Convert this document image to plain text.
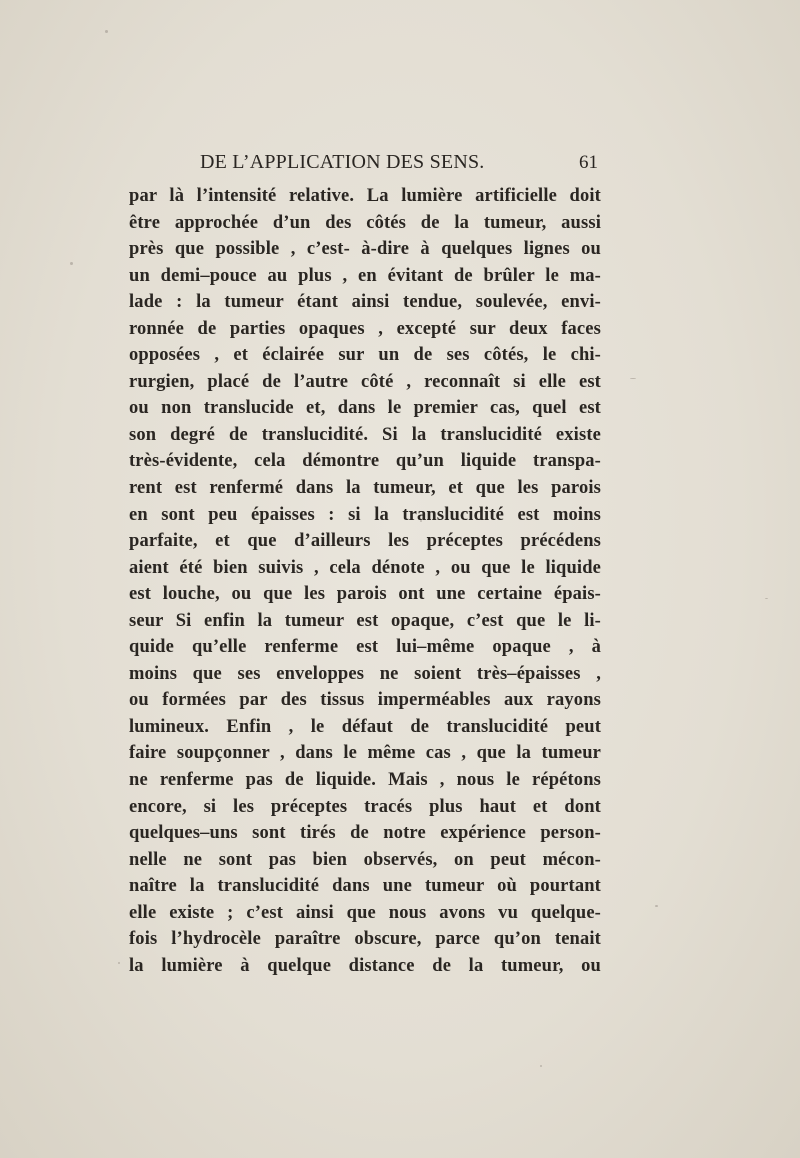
DE L’APPLICATION DES SENS.	61
par là l’intensité relative. La lumière artificielle doit
être approchée d’un des côtés de la tumeur, aussi
près que possible , c’est- à-dire à quelques lignes ou
un demi–pouce au plus , en évitant de brûler le ma-
lade : la tumeur étant ainsi tendue, soulevée, envi-
ronnée de parties opaques , excepté sur deux faces
opposées , et éclairée sur un de ses côtés, le chi-
rurgien, placé de l’autre côté , reconnaît si elle est
ou non translucide et, dans le premier cas, quel est
son degré de translucidité. Si la translucidité existe
très-évidente, cela démontre qu’un liquide transpa-
rent est renfermé dans la tumeur, et que les parois
en sont peu épaisses : si la translucidité est moins
parfaite, et que d’ailleurs les préceptes précédens
aient été bien suivis , cela dénote , ou que le liquide
est louche, ou que les parois ont une certaine épais-
seur Si enfin la tumeur est opaque, c’est que le li-
quide qu’elle renferme est lui–même opaque , à
moins que ses enveloppes ne soient très–épaisses ,
ou formées par des tissus imperméables aux rayons
lumineux. Enfin , le défaut de translucidité peut
faire soupçonner , dans le même cas , que la tumeur
ne renferme pas de liquide. Mais , nous le répétons
encore, si les préceptes tracés plus haut et dont
quelques–uns sont tirés de notre expérience person-
nelle ne sont pas bien observés, on peut mécon-
naître la translucidité dans une tumeur où pourtant
elle existe ; c’est ainsi que nous avons vu quelque-
fois l’hydrocèle paraître obscure, parce qu’on tenait
la lumière à quelque distance de la tumeur, ou
